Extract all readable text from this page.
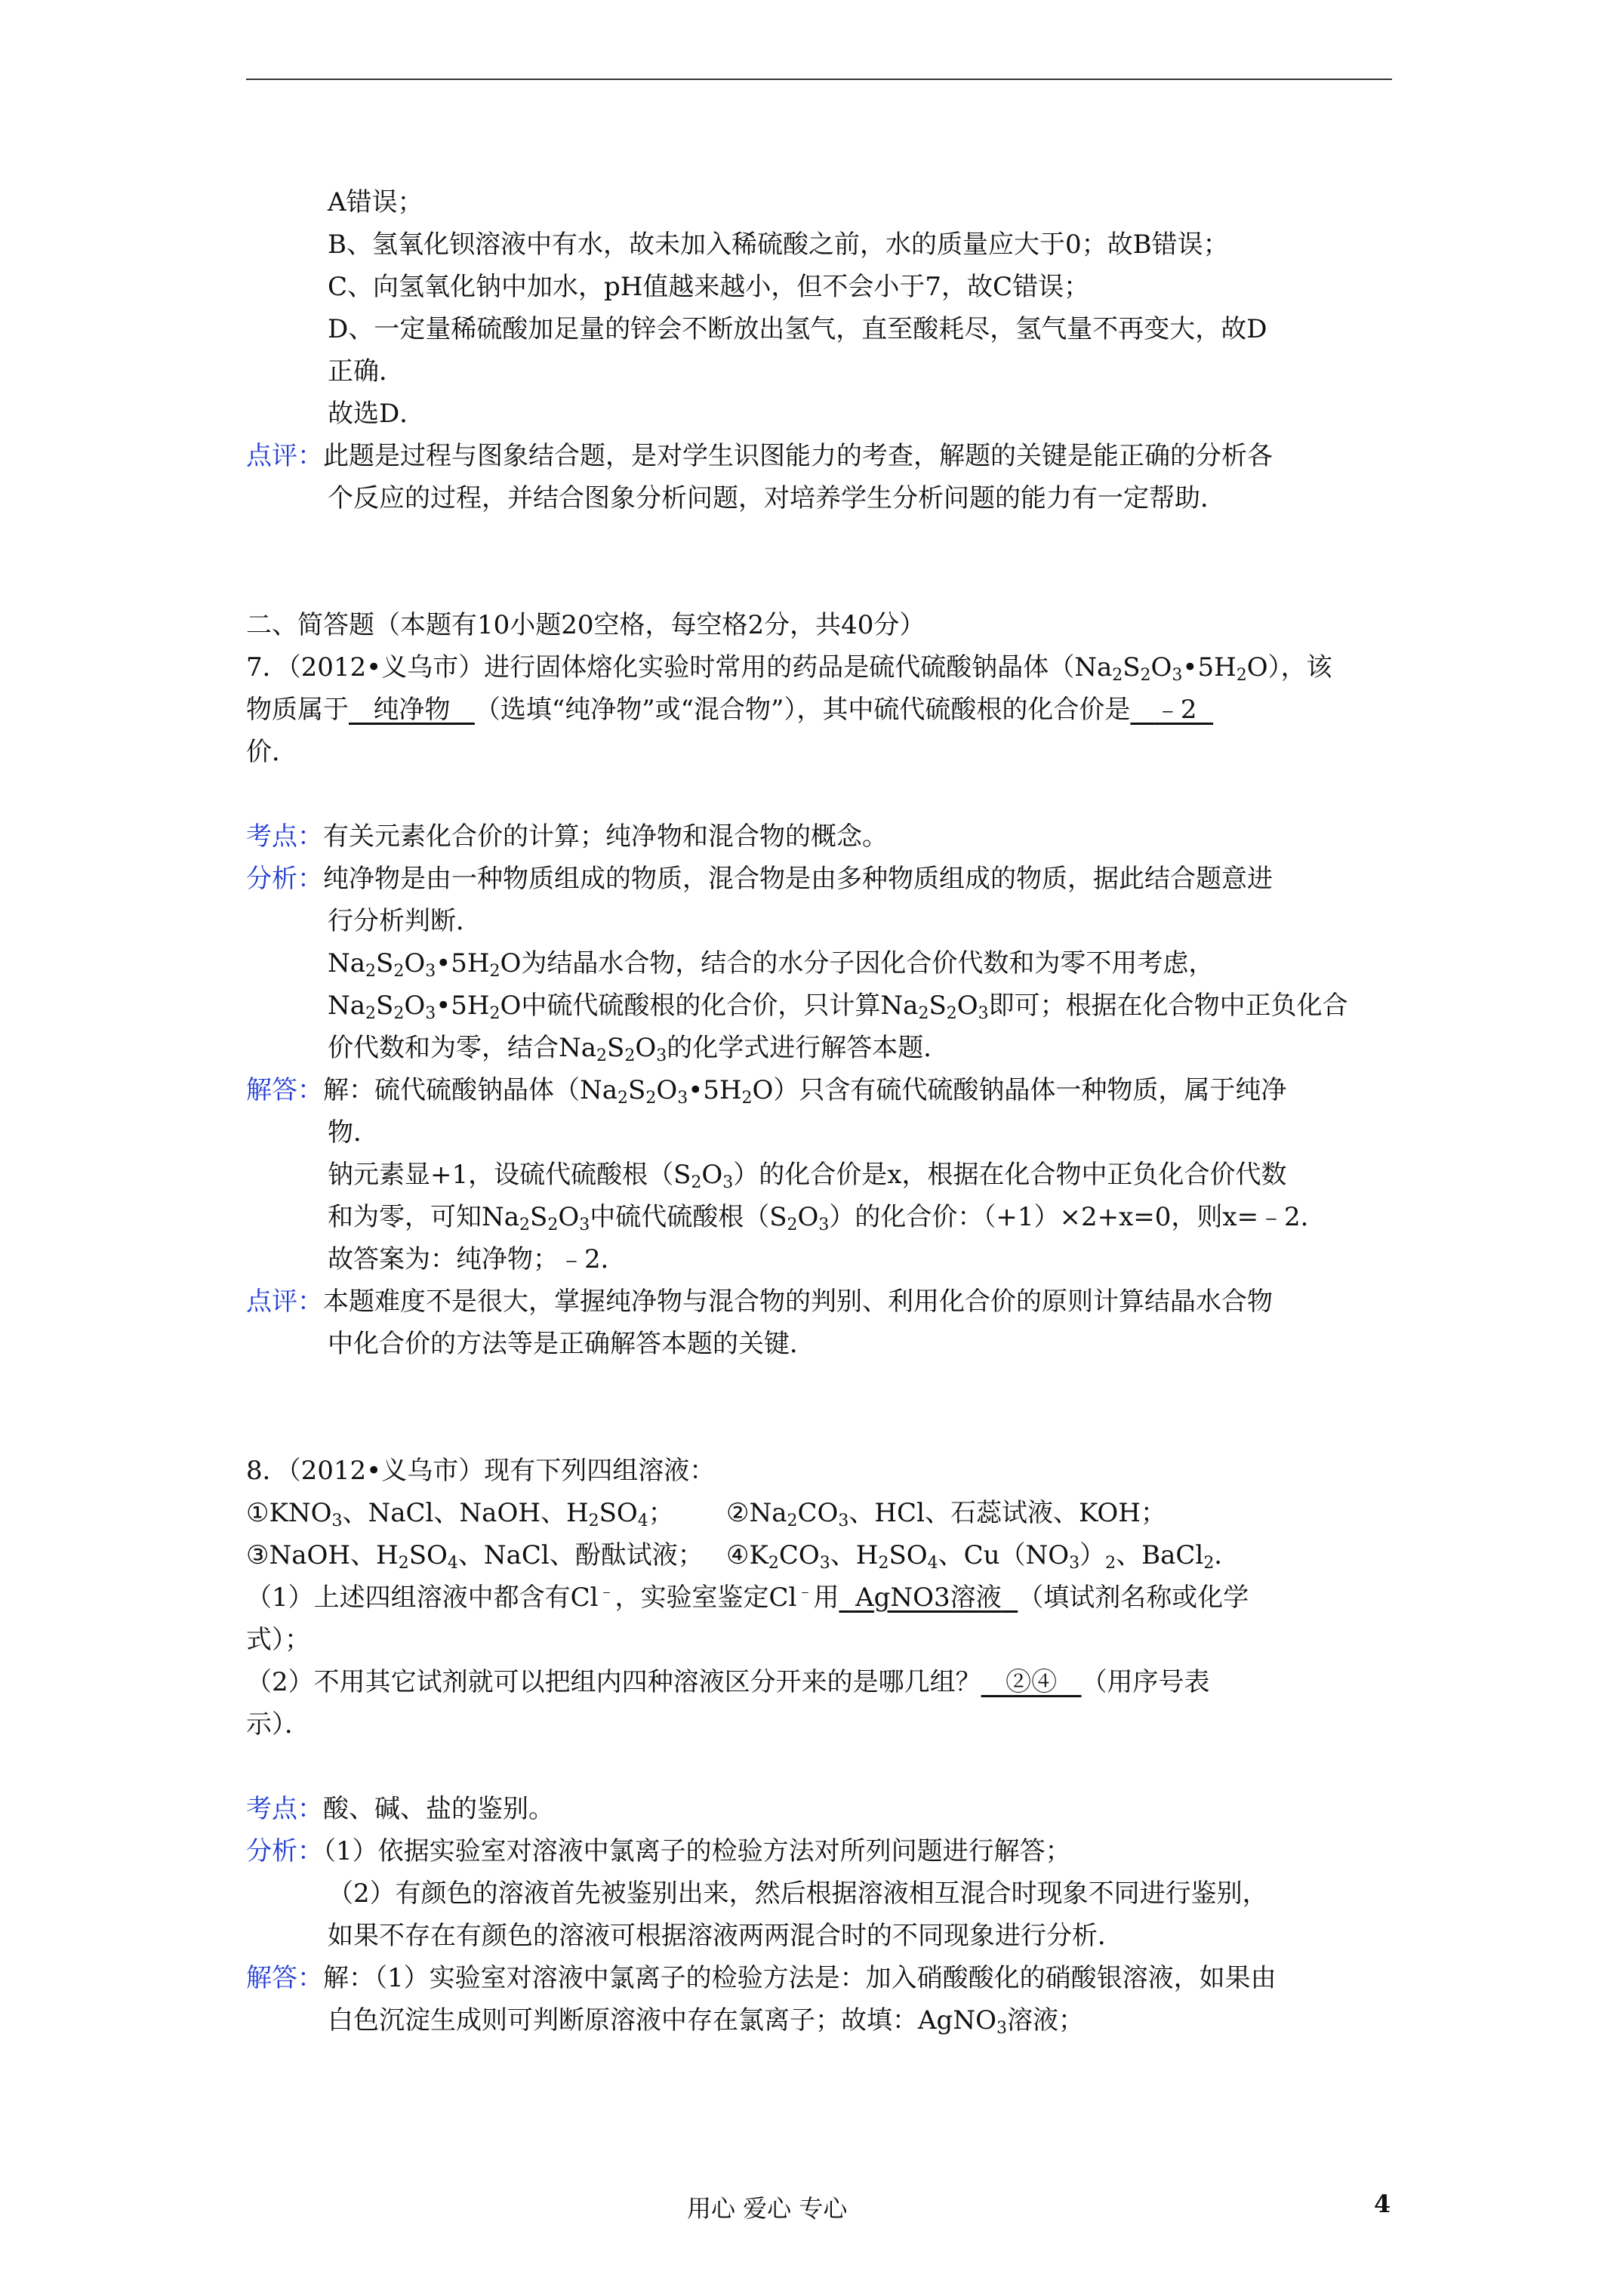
A错误；
B、氢氧化钡溶液中有水，故未加入稀硫酸之前，水的质量应大于0；故B错误；
C、向氢氧化钠中加水，pH值越来越小，但不会小于7，故C错误；
D、一定量稀硫酸加足量的锌会不断放出氢气，直至酸耗尽，氢气量不再变大，故D
正确．
故选D．
点评：此题是过程与图象结合题，是对学生识图能力的考查，解题的关键是能正确的分析各
个反应的过程，并结合图象分析问题，对培养学生分析问题的能力有一定帮助．
二、简答题（本题有10小题20空格，每空格2分，共40分）
7．（2012•义乌市）进行固体熔化实验时常用的药品是硫代硫酸钠晶体$(Na_2S_2O_3•5H_2O)$，该
物质属于 纯净物 （选填“纯净物”或“混合物”），其中硫代硫酸根的化合价是 ﹣2
价．
考点：有关元素化合价的计算；纯净物和混合物的概念。
分析：纯净物是由一种物质组成的物质，混合物是由多种物质组成的物质，据此结合题意进
行分析判断．
$Na_2S_2O_3•5H_2O$为结晶水合物，结合的水分子因化合价代数和为零不用考虑，
$Na_2S_2O_3•5H_2O$中硫代硫酸根的化合价，只计算$Na_2S_2O_3$即可；根据在化合物中正负化合
价代数和为零，结合$Na_2S_2O_3$的化学式进行解答本题．
解答：解：硫代硫酸钠晶体$(Na_2S_2O_3•5H_2O)$只含有硫代硫酸钠晶体一种物质，属于纯净
物．
钠元素显+1，设硫代硫酸根$(S_2O_3)$的化合价是x，根据在化合物中正负化合价代数
和为零，可知$Na_2S_2O_3$中硫代硫酸根$(S_2O_3)$的化合价：（+1）×2+x=0，则x=﹣2．
故答案为：纯净物；﹣2．
点评：本题难度不是很大，掌握纯净物与混合物的判别、利用化合价的原则计算结晶水合物
中化合价的方法等是正确解答本题的关键．
8．（2012•义乌市）现有下列四组溶液：
$①KNO_3$、NaCl、NaOH、$H_2SO_4$； $②Na_2CO_3$、HCl、石蕊试液、KOH；
③NaOH、$H_2SO_4$、NaCl、酚酞试液； $④K_2CO_3$、$H_2SO_4$、$Cu(NO_3)_2$、BaCl$_2$．
（1）上述四组溶液中都含有Cl﹣，实验室鉴定Cl﹣用 AgNO3溶液 （填试剂名称或化学
式）；
（2）不用其它试剂就可以把组内四种溶液区分开来的是哪几组？ ②④ （用序号表
示）．
考点：酸、碱、盐的鉴别。
分析：（1）依据实验室对溶液中氯离子的检验方法对所列问题进行解答；
（2）有颜色的溶液首先被鉴别出来，然后根据溶液相互混合时现象不同进行鉴别，
如果不存在有颜色的溶液可根据溶液两两混合时的不同现象进行分析．
解答：解：（1）实验室对溶液中氯离子的检验方法是：加入硝酸酸化的硝酸银溶液，如果由
白色沉淀生成则可判断原溶液中存在氯离子；故填：AgNO$_3$溶液；
用心 爱心 专心	4
